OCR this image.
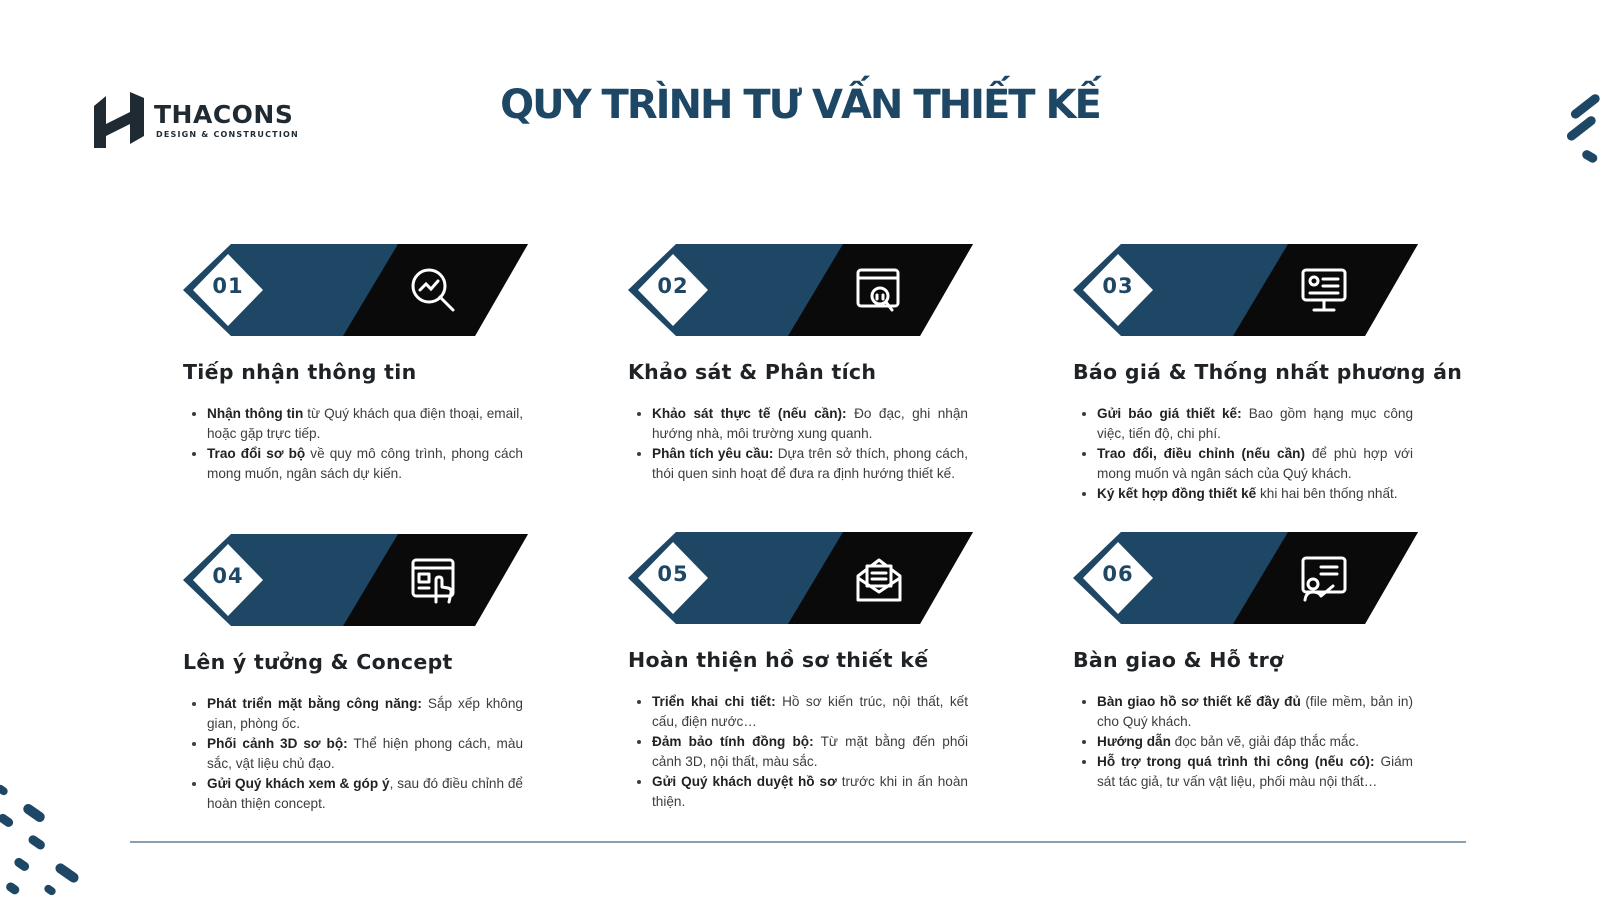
THACONS
DESIGN & CONSTRUCTION
QUY TRÌNH TƯ VẤN THIẾT KẾ
01
Tiếp nhận thông tin
• Nhận thông tin từ Quý khách qua điện thoại, email, hoặc gặp trực tiếp.
• Trao đổi sơ bộ về quy mô công trình, phong cách mong muốn, ngân sách dự kiến.
02
Khảo sát & Phân tích
• Khảo sát thực tế (nếu cần): Đo đạc, ghi nhận hướng nhà, môi trường xung quanh.
• Phân tích yêu cầu: Dựa trên sở thích, phong cách, thói quen sinh hoạt để đưa ra định hướng thiết kế.
03
Báo giá & Thống nhất phương án
• Gửi báo giá thiết kế: Bao gồm hạng mục công việc, tiến độ, chi phí.
• Trao đổi, điều chỉnh (nếu cần) để phù hợp với mong muốn và ngân sách của Quý khách.
• Ký kết hợp đồng thiết kế khi hai bên thống nhất.
04
Lên ý tưởng & Concept
• Phát triển mặt bằng công năng: Sắp xếp không gian, phòng ốc.
• Phối cảnh 3D sơ bộ: Thể hiện phong cách, màu sắc, vật liệu chủ đạo.
• Gửi Quý khách xem & góp ý, sau đó điều chỉnh để hoàn thiện concept.
05
Hoàn thiện hồ sơ thiết kế
• Triển khai chi tiết: Hồ sơ kiến trúc, nội thất, kết cấu, điện nước…
• Đảm bảo tính đồng bộ: Từ mặt bằng đến phối cảnh 3D, nội thất, màu sắc.
• Gửi Quý khách duyệt hồ sơ trước khi in ấn hoàn thiện.
06
Bàn giao & Hỗ trợ
• Bàn giao hồ sơ thiết kế đầy đủ (file mềm, bản in) cho Quý khách.
• Hướng dẫn đọc bản vẽ, giải đáp thắc mắc.
• Hỗ trợ trong quá trình thi công (nếu có): Giám sát tác giả, tư vấn vật liệu, phối màu nội thất…
